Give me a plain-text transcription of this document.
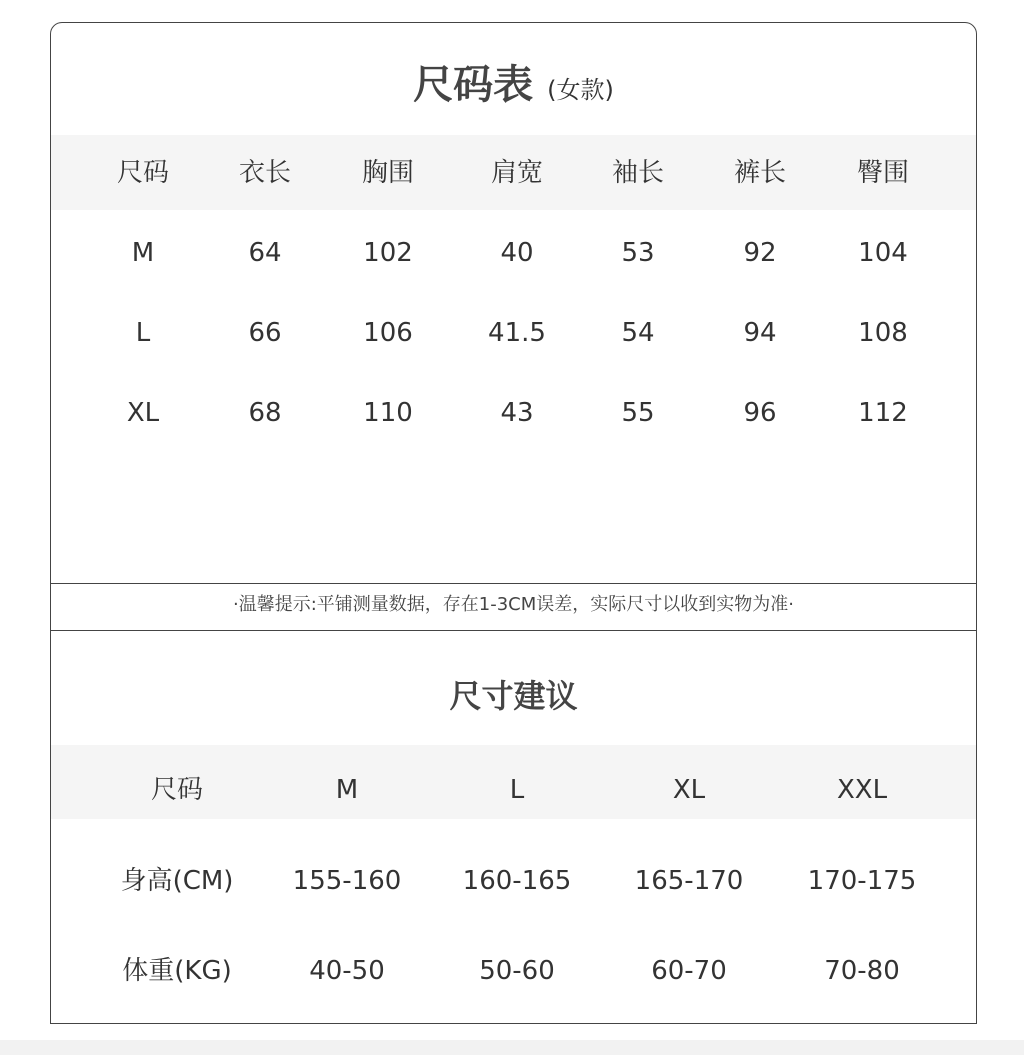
尺码表 (女款)
尺码	衣长	胸围	肩宽	袖长	裤长	臀围
M	64	102	40	53	92	104
L	66	106	41.5	54	94	108
XL	68	110	43	55	96	112
·温馨提示:平铺测量数据，存在1-3CM误差，实际尺寸以收到实物为准·
尺寸建议
尺码	M	L	XL	XXL
身高(CM) 155-160 160-165 165-170 170-175
体重(KG)	40-50	50-60	60-70	70-80
